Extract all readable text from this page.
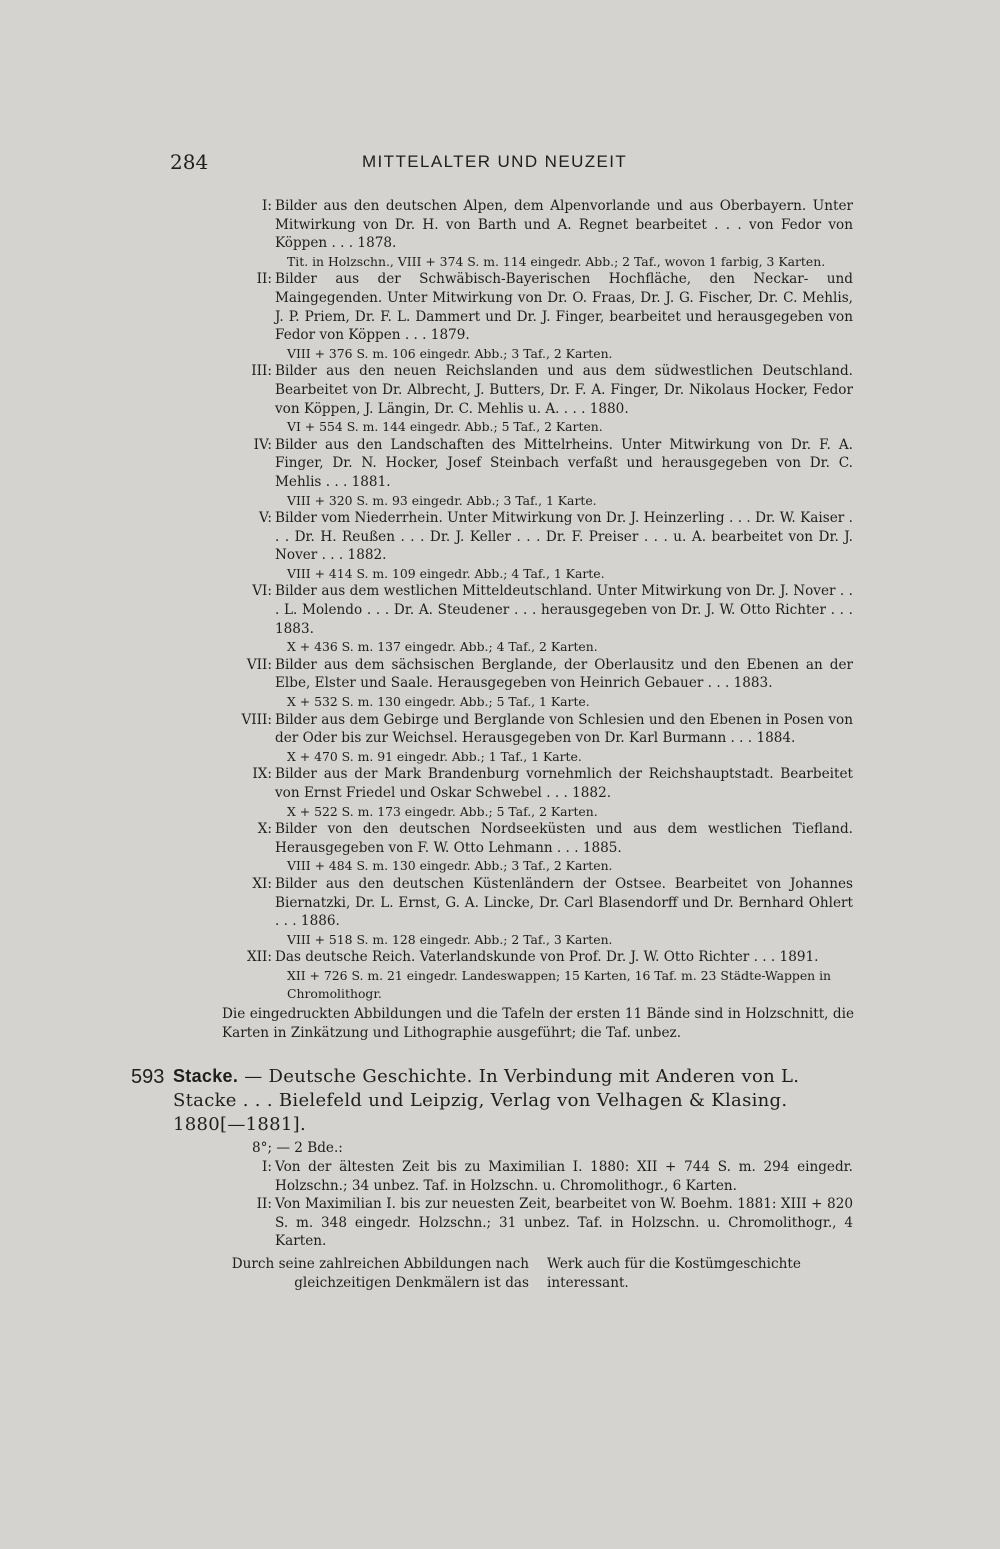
284	MITTELALTER UND NEUZEIT
I: Bilder aus den deutschen Alpen, dem Alpenvorlande und aus Oberbayern. Unter Mitwirkung von Dr. H. von Barth und A. Regnet bearbeitet . . . von Fedor von Köppen . . . 1878.
Tit. in Holzschn., VIII + 374 S. m. 114 eingedr. Abb.; 2 Taf., wovon 1 farbig, 3 Karten.
II: Bilder aus der Schwäbisch-Bayerischen Hochfläche, den Neckar- und Maingegenden. Unter Mitwirkung von Dr. O. Fraas, Dr. J. G. Fischer, Dr. C. Mehlis, J. P. Priem, Dr. F. L. Dammert und Dr. J. Finger, bearbeitet und herausgegeben von Fedor von Köppen . . . 1879.
VIII + 376 S. m. 106 eingedr. Abb.; 3 Taf., 2 Karten.
III: Bilder aus den neuen Reichslanden und aus dem südwestlichen Deutschland. Bearbeitet von Dr. Albrecht, J. Butters, Dr. F. A. Finger, Dr. Nikolaus Hocker, Fedor von Köppen, J. Längin, Dr. C. Mehlis u. A. . . . 1880.
VI + 554 S. m. 144 eingedr. Abb.; 5 Taf., 2 Karten.
IV: Bilder aus den Landschaften des Mittelrheins. Unter Mitwirkung von Dr. F. A. Finger, Dr. N. Hocker, Josef Steinbach verfaßt und herausgegeben von Dr. C. Mehlis . . . 1881.
VIII + 320 S. m. 93 eingedr. Abb.; 3 Taf., 1 Karte.
V: Bilder vom Niederrhein. Unter Mitwirkung von Dr. J. Heinzerling . . . Dr. W. Kaiser . . . Dr. H. Reußen . . . Dr. J. Keller . . . Dr. F. Preiser . . . u. A. bearbeitet von Dr. J. Nover . . . 1882.
VIII + 414 S. m. 109 eingedr. Abb.; 4 Taf., 1 Karte.
VI: Bilder aus dem westlichen Mitteldeutschland. Unter Mitwirkung von Dr. J. Nover . . . L. Molendo . . . Dr. A. Steudener . . . herausgegeben von Dr. J. W. Otto Richter . . . 1883.
X + 436 S. m. 137 eingedr. Abb.; 4 Taf., 2 Karten.
VII: Bilder aus dem sächsischen Berglande, der Oberlausitz und den Ebenen an der Elbe, Elster und Saale. Herausgegeben von Heinrich Gebauer . . . 1883.
X + 532 S. m. 130 eingedr. Abb.; 5 Taf., 1 Karte.
VIII: Bilder aus dem Gebirge und Berglande von Schlesien und den Ebenen in Posen von der Oder bis zur Weichsel. Herausgegeben von Dr. Karl Burmann . . . 1884.
X + 470 S. m. 91 eingedr. Abb.; 1 Taf., 1 Karte.
IX: Bilder aus der Mark Brandenburg vornehmlich der Reichshauptstadt. Bearbeitet von Ernst Friedel und Oskar Schwebel . . . 1882.
X + 522 S. m. 173 eingedr. Abb.; 5 Taf., 2 Karten.
X: Bilder von den deutschen Nordseeküsten und aus dem westlichen Tiefland. Herausgegeben von F. W. Otto Lehmann . . . 1885.
VIII + 484 S. m. 130 eingedr. Abb.; 3 Taf., 2 Karten.
XI: Bilder aus den deutschen Küstenländern der Ostsee. Bearbeitet von Johannes Biernatzki, Dr. L. Ernst, G. A. Lincke, Dr. Carl Blasendorff und Dr. Bernhard Ohlert . . . 1886.
VIII + 518 S. m. 128 eingedr. Abb.; 2 Taf., 3 Karten.
XII: Das deutsche Reich. Vaterlandskunde von Prof. Dr. J. W. Otto Richter . . . 1891.
XII + 726 S. m. 21 eingedr. Landeswappen; 15 Karten, 16 Taf. m. 23 Städte-Wappen in Chromolithogr.
Die eingedruckten Abbildungen und die Tafeln der ersten 11 Bände sind in Holzschnitt, die Karten in Zinkätzung und Lithographie ausgeführt; die Taf. unbez.
593 Stacke. — Deutsche Geschichte. In Verbindung mit Anderen von L. Stacke . . . Bielefeld und Leipzig, Verlag von Velhagen & Klasing. 1880[—1881].
8°; — 2 Bde.:
I: Von der ältesten Zeit bis zu Maximilian I. 1880: XII + 744 S. m. 294 eingedr. Holzschn.; 34 unbez. Taf. in Holzschn. u. Chromolithogr., 6 Karten.
II: Von Maximilian I. bis zur neuesten Zeit, bearbeitet von W. Boehm. 1881: XIII + 820 S. m. 348 eingedr. Holzschn.; 31 unbez. Taf. in Holzschn. u. Chromolithogr., 4 Karten.
Durch seine zahlreichen Abbildungen nach gleichzeitigen Denkmälern ist das
Werk auch für die Kostümgeschichte interessant.
